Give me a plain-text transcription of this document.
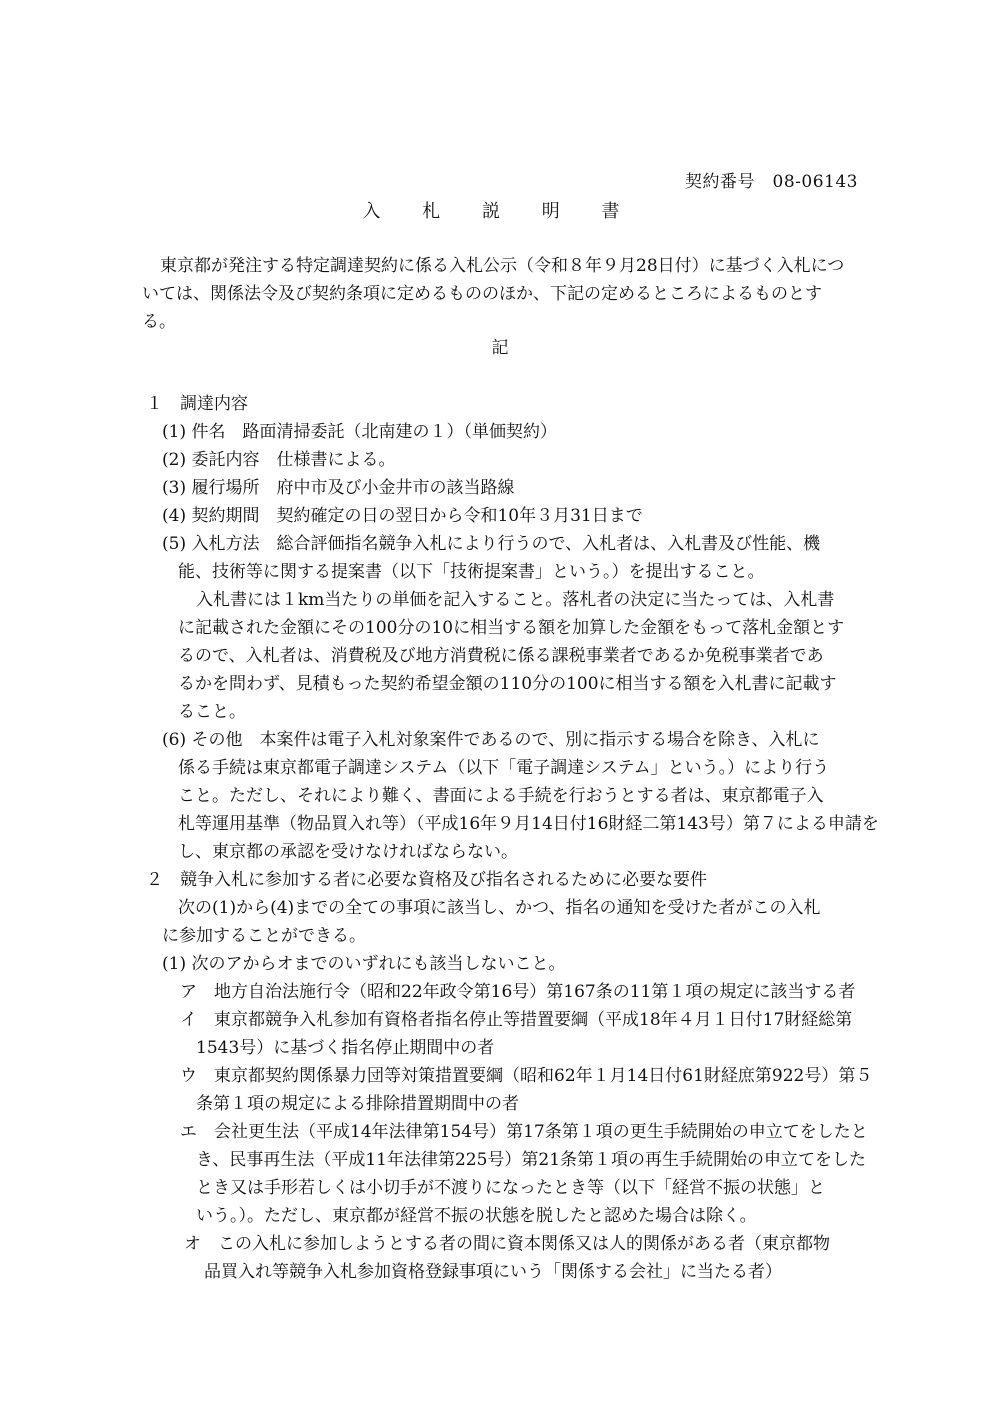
契約番号　08-06143
入 札 説 明 書
東京都が発注する特定調達契約に係る入札公示（令和８年９月28日付）に基づく入札につ
いては、関係法令及び契約条項に定めるもののほか、下記の定めるところによるものとす
る。
記
１　調達内容
(1) 件名　路面清掃委託（北南建の１）（単価契約）
(2) 委託内容　仕様書による。
(3) 履行場所　府中市及び小金井市の該当路線
(4) 契約期間　契約確定の日の翌日から令和10年３月31日まで
(5) 入札方法　総合評価指名競争入札により行うので、入札者は、入札書及び性能、機
能、技術等に関する提案書（以下「技術提案書」という。）を提出すること。
入札書には１km当たりの単価を記入すること。落札者の決定に当たっては、入札書
に記載された金額にその100分の10に相当する額を加算した金額をもって落札金額とす
るので、入札者は、消費税及び地方消費税に係る課税事業者であるか免税事業者であ
るかを問わず、見積もった契約希望金額の110分の100に相当する額を入札書に記載す
ること。
(6) その他　本案件は電子入札対象案件であるので、別に指示する場合を除き、入札に
係る手続は東京都電子調達システム（以下「電子調達システム」という。）により行う
こと。ただし、それにより難く、書面による手続を行おうとする者は、東京都電子入
札等運用基準（物品買入れ等）（平成16年９月14日付16財経二第143号）第７による申請を
し、東京都の承認を受けなければならない。
２　競争入札に参加する者に必要な資格及び指名されるために必要な要件
次の(1)から(4)までの全ての事項に該当し、かつ、指名の通知を受けた者がこの入札
に参加することができる。
(1) 次のアからオまでのいずれにも該当しないこと。
ア　地方自治法施行令（昭和22年政令第16号）第167条の11第１項の規定に該当する者
イ　東京都競争入札参加有資格者指名停止等措置要綱（平成18年４月１日付17財経総第
1543号）に基づく指名停止期間中の者
ウ　東京都契約関係暴力団等対策措置要綱（昭和62年１月14日付61財経庶第922号）第５
条第１項の規定による排除措置期間中の者
エ　会社更生法（平成14年法律第154号）第17条第１項の更生手続開始の申立てをしたと
き、民事再生法（平成11年法律第225号）第21条第１項の再生手続開始の申立てをした
とき又は手形若しくは小切手が不渡りになったとき等（以下「経営不振の状態」と
いう。）。ただし、東京都が経営不振の状態を脱したと認めた場合は除く。
オ　この入札に参加しようとする者の間に資本関係又は人的関係がある者（東京都物
品買入れ等競争入札参加資格登録事項にいう「関係する会社」に当たる者）
